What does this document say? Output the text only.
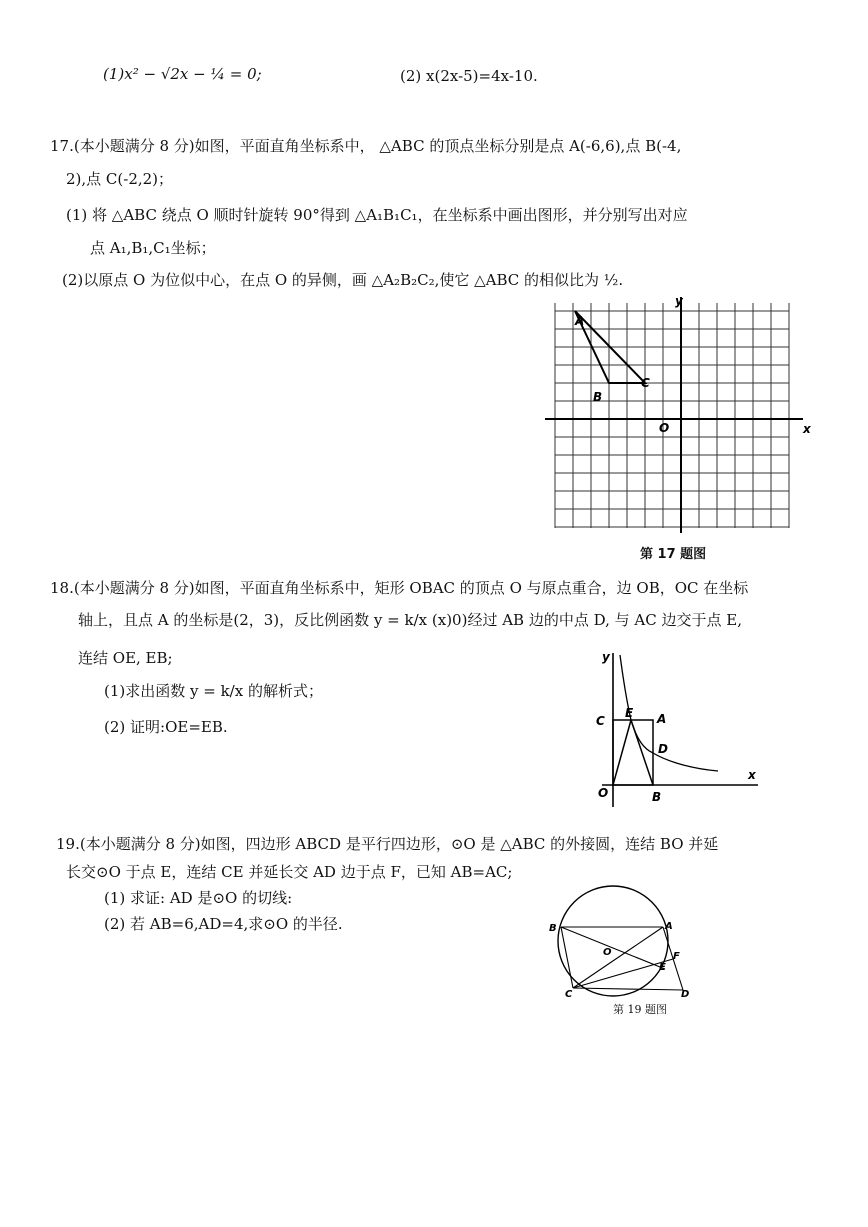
(1)x² − √2x − ¼ = 0;	(2) x(2x-5)=4x-10.
17.(本小题满分 8 分)如图，平面直角坐标系中， △ABC 的顶点坐标分别是点 A(-6,6),点 B(-4,
2),点 C(-2,2)；
(1) 将 △ABC 绕点 O 顺时针旋转 90°得到 △A₁B₁C₁，在坐标系中画出图形，并分别写出对应
点 A₁,B₁,C₁坐标；
(2)以原点 O 为位似中心，在点 O 的异侧，画 △A₂B₂C₂,使它 △ABC 的相似比为 ½.
A
B
C
O	x
y
第 17 题图
18.(本小题满分 8 分)如图，平面直角坐标系中，矩形 OBAC 的顶点 O 与原点重合，边 OB，OC 在坐标
轴上，且点 A 的坐标是(2，3)，反比例函数 y = k/x (x)0)经过 AB 边的中点 D, 与 AC 边交于点 E,
连结 OE, EB;
(1)求出函数 y = k/x 的解析式；
(2) 证明:OE=EB.
y
x
C
E A
D
O	B
19.(本小题满分 8 分)如图，四边形 ABCD 是平行四边形，⊙O 是 △ABC 的外接圆，连结 BO 并延
长交⊙O 于点 E，连结 CE 并延长交 AD 边于点 F，已知 AB=AC;
(1) 求证: AD 是⊙O 的切线:
(2) 若 AB=6,AD=4,求⊙O 的半径.	B	A
O	F
E
C	D
第 19 题图
